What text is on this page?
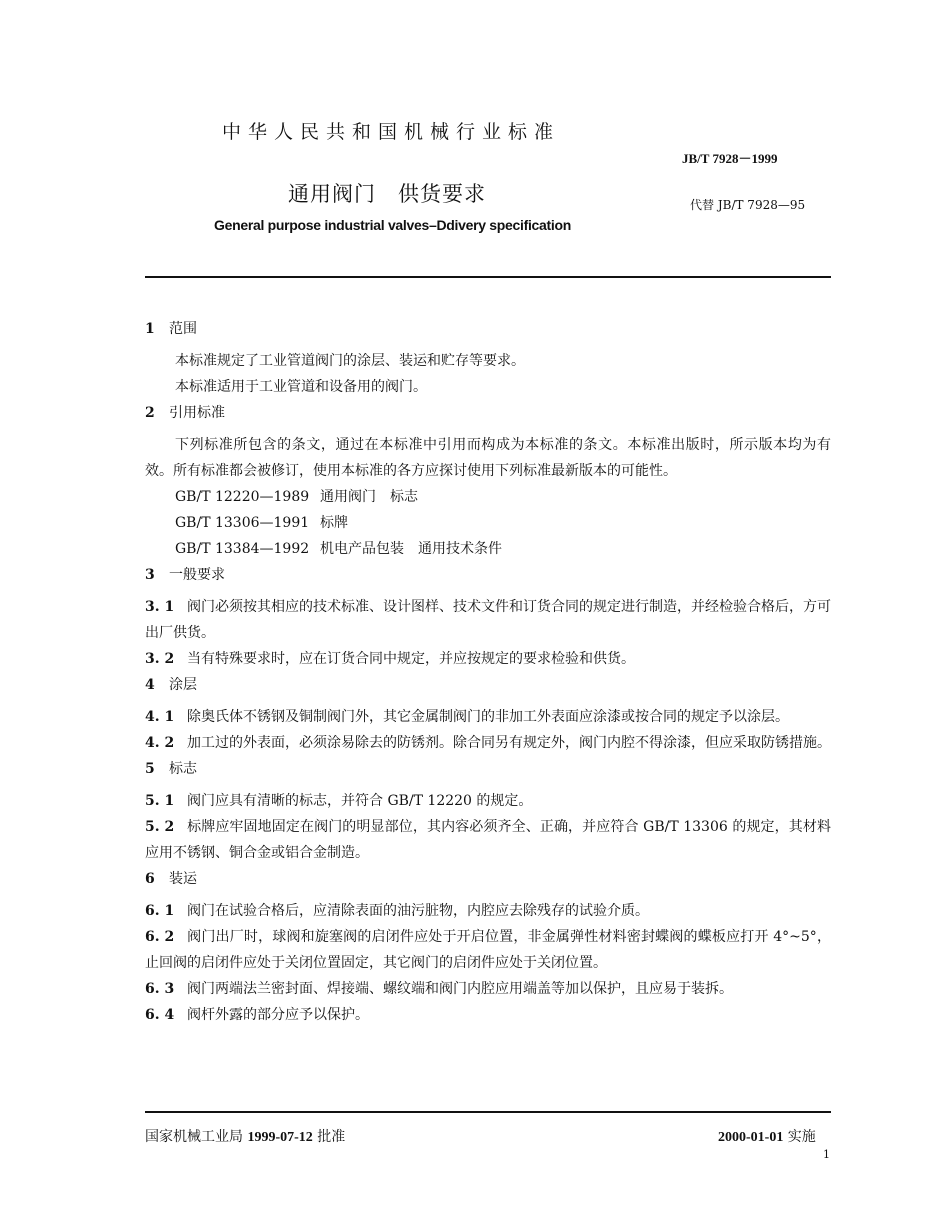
中华人民共和国机械行业标准
JB/T 7928－1999
通用阀门　供货要求	代替 JB/T 7928—95
General purpose industrial valves–Ddivery specification

1 范围

本标准规定了工业管道阀门的涂层、装运和贮存等要求。

本标准适用于工业管道和设备用的阀门。

2 引用标准

下列标准所包含的条文，通过在本标准中引用而构成为本标准的条文。本标准出版时，所示版本均为有效。所有标准都会被修订，使用本标准的各方应探讨使用下列标准最新版本的可能性。

GB/T 12220—1989 通用阀门　标志

GB/T 13306—1991 标牌

GB/T 13384—1992 机电产品包装　通用技术条件

3 一般要求

3. 1 阀门必须按其相应的技术标准、设计图样、技术文件和订货合同的规定进行制造，并经检验合格后，方可出厂供货。

3. 2 当有特殊要求时，应在订货合同中规定，并应按规定的要求检验和供货。

4 涂层

4. 1 除奥氏体不锈钢及铜制阀门外，其它金属制阀门的非加工外表面应涂漆或按合同的规定予以涂层。

4. 2 加工过的外表面，必须涂易除去的防锈剂。除合同另有规定外，阀门内腔不得涂漆，但应采取防锈措施。

5 标志

5. 1 阀门应具有清晰的标志，并符合 GB/T 12220 的规定。

5. 2 标牌应牢固地固定在阀门的明显部位，其内容必须齐全、正确，并应符合 GB/T 13306 的规定，其材料应用不锈钢、铜合金或铝合金制造。

6 装运

6. 1 阀门在试验合格后，应清除表面的油污脏物，内腔应去除残存的试验介质。

6. 2 阀门出厂时，球阀和旋塞阀的启闭件应处于开启位置，非金属弹性材料密封蝶阀的蝶板应打开 4°~5°，止回阀的启闭件应处于关闭位置固定，其它阀门的启闭件应处于关闭位置。

6. 3 阀门两端法兰密封面、焊接端、螺纹端和阀门内腔应用端盖等加以保护，且应易于装拆。

6. 4 阀杆外露的部分应予以保护。

国家机械工业局 1999-07-12 批准	2000-01-01 实施
1
